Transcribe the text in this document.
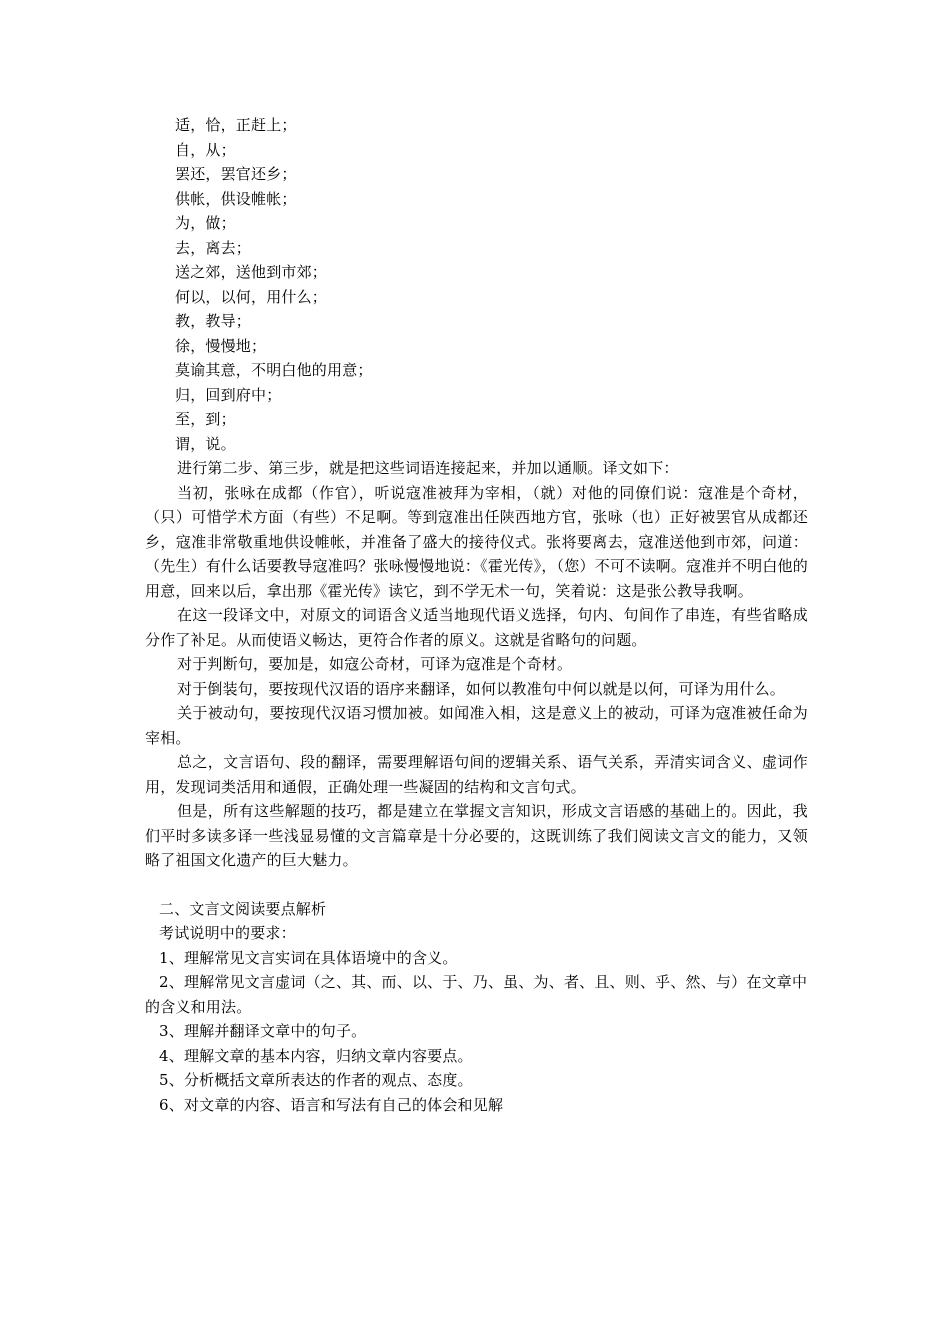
适，恰，正赶上；

自，从；

罢还，罢官还乡；

供帐，供设帷帐；

为，做；

去，离去；

送之郊，送他到市郊；

何以，以何，用什么；

教，教导；

徐，慢慢地；

莫谕其意，不明白他的用意；

归，回到府中；

至，到；

谓，说。

进行第二步、第三步，就是把这些词语连接起来，并加以通顺。译文如下：

当初，张咏在成都（作官），听说寇准被拜为宰相，（就）对他的同僚们说：寇准是个奇材，（只）可惜学术方面（有些）不足啊。等到寇准出任陕西地方官，张咏（也）正好被罢官从成都还乡，寇准非常敬重地供设帷帐，并准备了盛大的接待仪式。张将要离去，寇准送他到市郊，问道：（先生）有什么话要教导寇准吗？张咏慢慢地说：《霍光传》，（您）不可不读啊。寇准并不明白他的用意，回来以后，拿出那《霍光传》读它，到不学无术一句，笑着说：这是张公教导我啊。

在这一段译文中，对原文的词语含义适当地现代语义选择，句内、句间作了串连，有些省略成分作了补足。从而使语义畅达，更符合作者的原义。这就是省略句的问题。

对于判断句，要加是，如寇公奇材，可译为寇准是个奇材。

对于倒装句，要按现代汉语的语序来翻译，如何以教准句中何以就是以何，可译为用什么。

关于被动句，要按现代汉语习惯加被。如闻准入相，这是意义上的被动，可译为寇准被任命为宰相。

总之，文言语句、段的翻译，需要理解语句间的逻辑关系、语气关系，弄清实词含义、虚词作用，发现词类活用和通假，正确处理一些凝固的结构和文言句式。

但是，所有这些解题的技巧，都是建立在掌握文言知识，形成文言语感的基础上的。因此，我们平时多读多译一些浅显易懂的文言篇章是十分必要的，这既训练了我们阅读文言文的能力，又领略了祖国文化遗产的巨大魅力。

二、文言文阅读要点解析

考试说明中的要求：

1、理解常见文言实词在具体语境中的含义。

2、理解常见文言虚词（之、其、而、以、于、乃、虽、为、者、且、则、乎、然、与）在文章中的含义和用法。

3、理解并翻译文章中的句子。

4、理解文章的基本内容，归纳文章内容要点。

5、分析概括文章所表达的作者的观点、态度。

6、对文章的内容、语言和写法有自己的体会和见解
